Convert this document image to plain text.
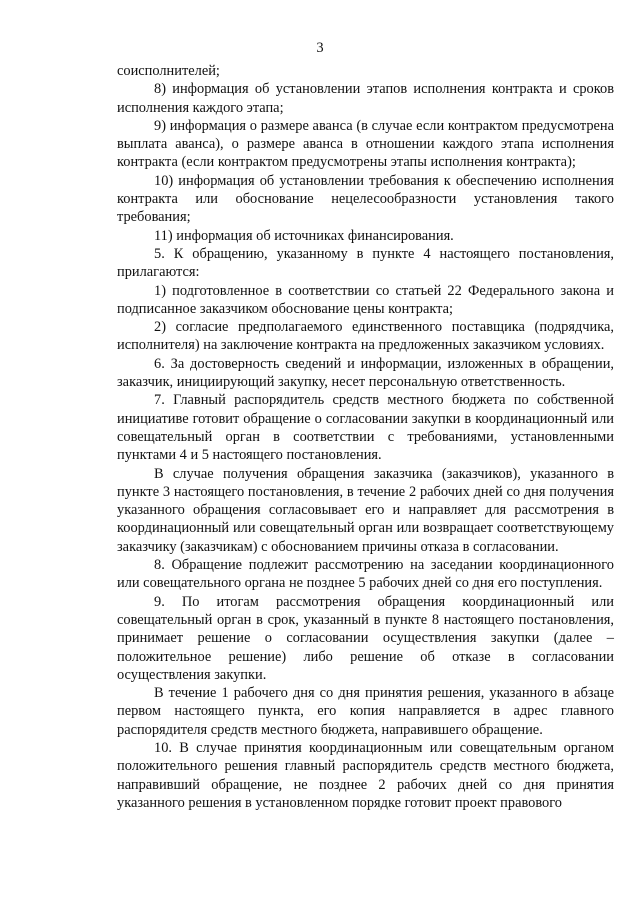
3

соисполнителей;

8) информация об установлении этапов исполнения контракта и сроков исполнения каждого этапа;

9) информация о размере аванса (в случае если контрактом предусмотрена выплата аванса), о размере аванса в отношении каждого этапа исполнения контракта (если контрактом предусмотрены этапы исполнения контракта);

10) информация об установлении требования к обеспечению исполнения контракта или обоснование нецелесообразности установления такого требования;

11) информация об источниках финансирования.

5. К обращению, указанному в пункте 4 настоящего постановления, прилагаются:

1) подготовленное в соответствии со статьей 22 Федерального закона и подписанное заказчиком обоснование цены контракта;

2) согласие предполагаемого единственного поставщика (подрядчика, исполнителя) на заключение контракта на предложенных заказчиком условиях.

6. За достоверность сведений и информации, изложенных в обращении, заказчик, инициирующий закупку, несет персональную ответственность.

7. Главный распорядитель средств местного бюджета по собственной инициативе готовит обращение о согласовании закупки в координационный или совещательный орган в соответствии с требованиями, установленными пунктами 4 и 5 настоящего постановления.

В случае получения обращения заказчика (заказчиков), указанного в пункте 3 настоящего постановления, в течение 2 рабочих дней со дня получения указанного обращения согласовывает его и направляет для рассмотрения в координационный или совещательный орган или возвращает соответствующему заказчику (заказчикам) с обоснованием причины отказа в согласовании.

8. Обращение подлежит рассмотрению на заседании координационного или совещательного органа не позднее 5 рабочих дней со дня его поступления.

9. По итогам рассмотрения обращения координационный или совещательный орган в срок, указанный в пункте 8 настоящего постановления, принимает решение о согласовании осуществления закупки (далее – положительное решение) либо решение об отказе в согласовании осуществления закупки.

В течение 1 рабочего дня со дня принятия решения, указанного в абзаце первом настоящего пункта, его копия направляется в адрес главного распорядителя средств местного бюджета, направившего обращение.

10. В случае принятия координационным или совещательным органом положительного решения главный распорядитель средств местного бюджета, направивший обращение, не позднее 2 рабочих дней со дня принятия указанного решения в установленном порядке готовит проект правового
